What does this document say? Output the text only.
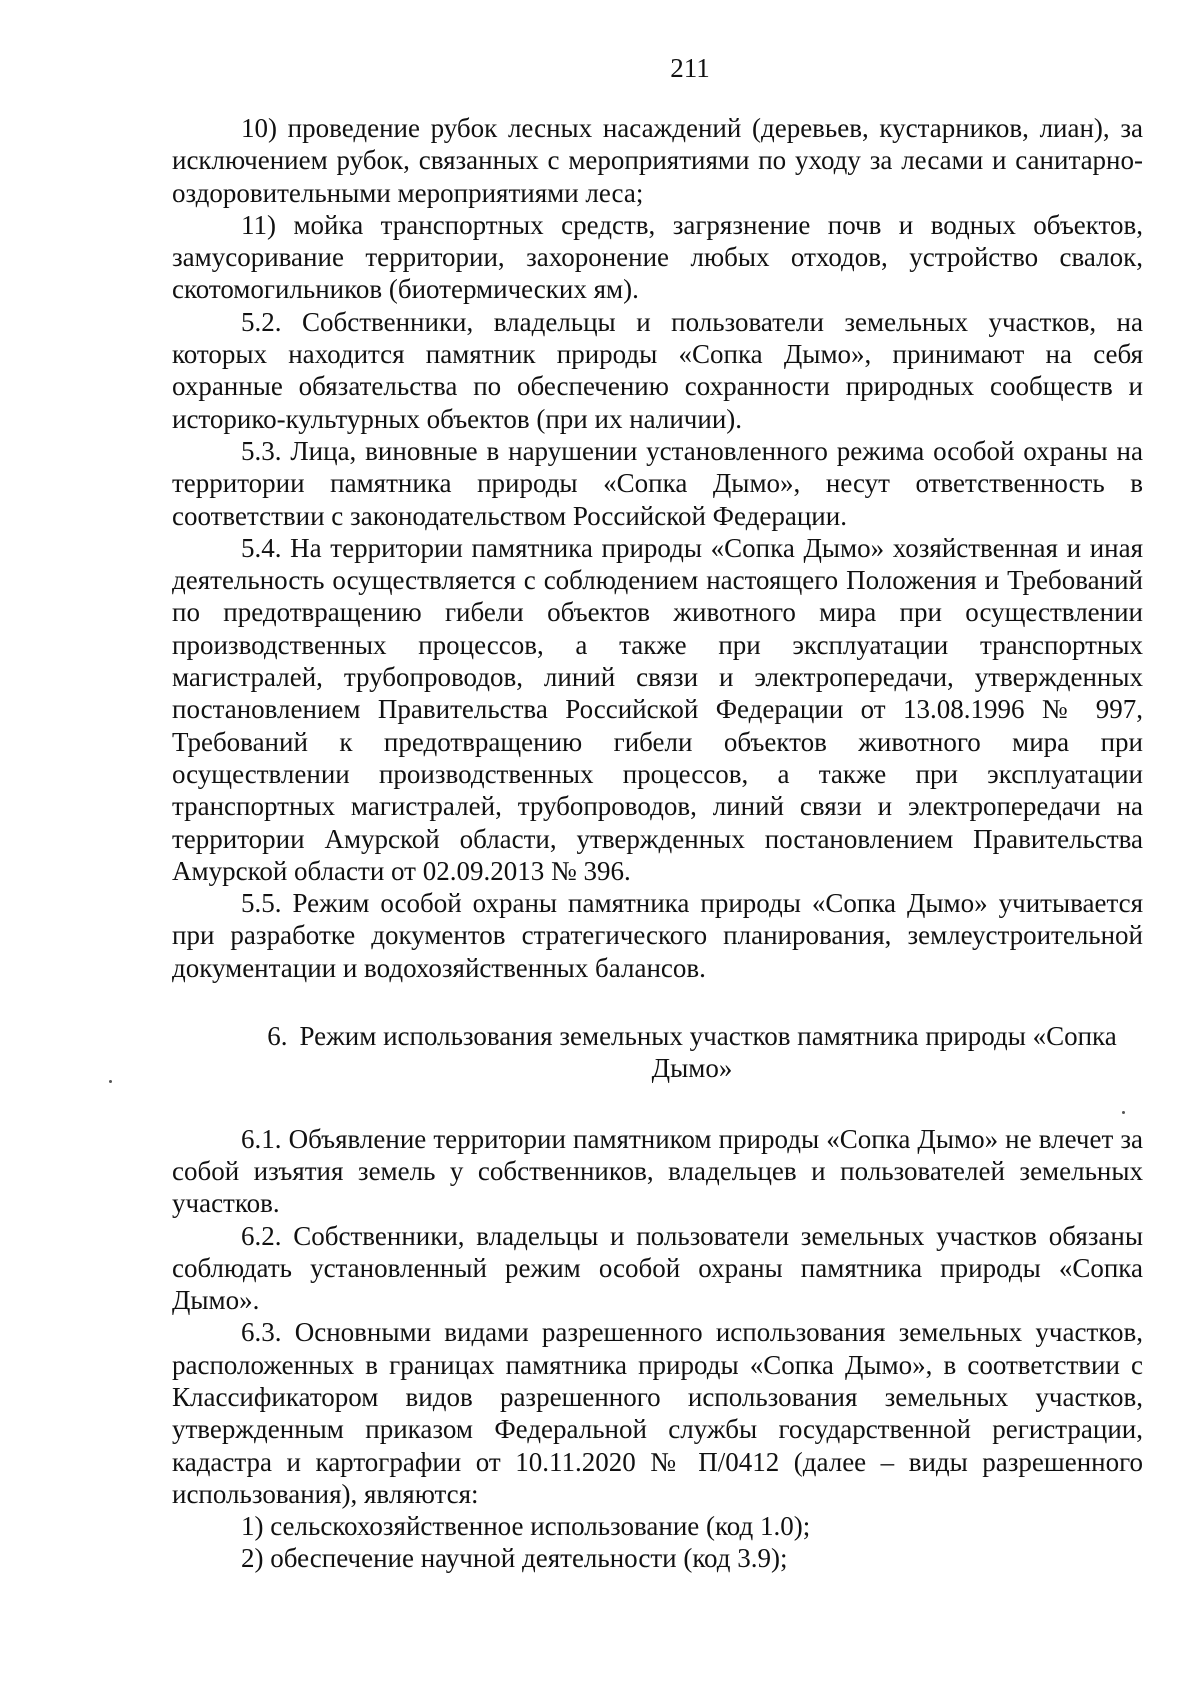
211

10) проведение рубок лесных насаждений (деревьев, кустарников, лиан), за исключением рубок, связанных с мероприятиями по уходу за лесами и санитарно-оздоровительными мероприятиями леса;

11) мойка транспортных средств, загрязнение почв и водных объектов, замусоривание территории, захоронение любых отходов, устройство свалок, скотомогильников (биотермических ям).

5.2. Собственники, владельцы и пользователи земельных участков, на которых находится памятник природы «Сопка Дымо», принимают на себя охранные обязательства по обеспечению сохранности природных сообществ и историко-культурных объектов (при их наличии).

5.3. Лица, виновные в нарушении установленного режима особой охраны на территории памятника природы «Сопка Дымо», несут ответственность в соответствии с законодательством Российской Федерации.

5.4. На территории памятника природы «Сопка Дымо» хозяйственная и иная деятельность осуществляется с соблюдением настоящего Положения и Требований по предотвращению гибели объектов животного мира при осуществлении производственных процессов, а также при эксплуатации транспортных магистралей, трубопроводов, линий связи и электропередачи, утвержденных постановлением Правительства Российской Федерации от 13.08.1996 № 997, Требований к предотвращению гибели объектов животного мира при осуществлении производственных процессов, а также при эксплуатации транспортных магистралей, трубопроводов, линий связи и электропередачи на территории Амурской области, утвержденных постановлением Правительства Амурской области от 02.09.2013 № 396.

5.5. Режим особой охраны памятника природы «Сопка Дымо» учитывается при разработке документов стратегического планирования, землеустроительной документации и водохозяйственных балансов.

6. Режим использования земельных участков памятника природы «Сопка Дымо»

6.1. Объявление территории памятником природы «Сопка Дымо» не влечет за собой изъятия земель у собственников, владельцев и пользователей земельных участков.

6.2. Собственники, владельцы и пользователи земельных участков обязаны соблюдать установленный режим особой охраны памятника природы «Сопка Дымо».

6.3. Основными видами разрешенного использования земельных участков, расположенных в границах памятника природы «Сопка Дымо», в соответствии с Классификатором видов разрешенного использования земельных участков, утвержденным приказом Федеральной службы государственной регистрации, кадастра и картографии от 10.11.2020 № П/0412 (далее – виды разрешенного использования), являются:

1) сельскохозяйственное использование (код 1.0);

2) обеспечение научной деятельности (код 3.9);
